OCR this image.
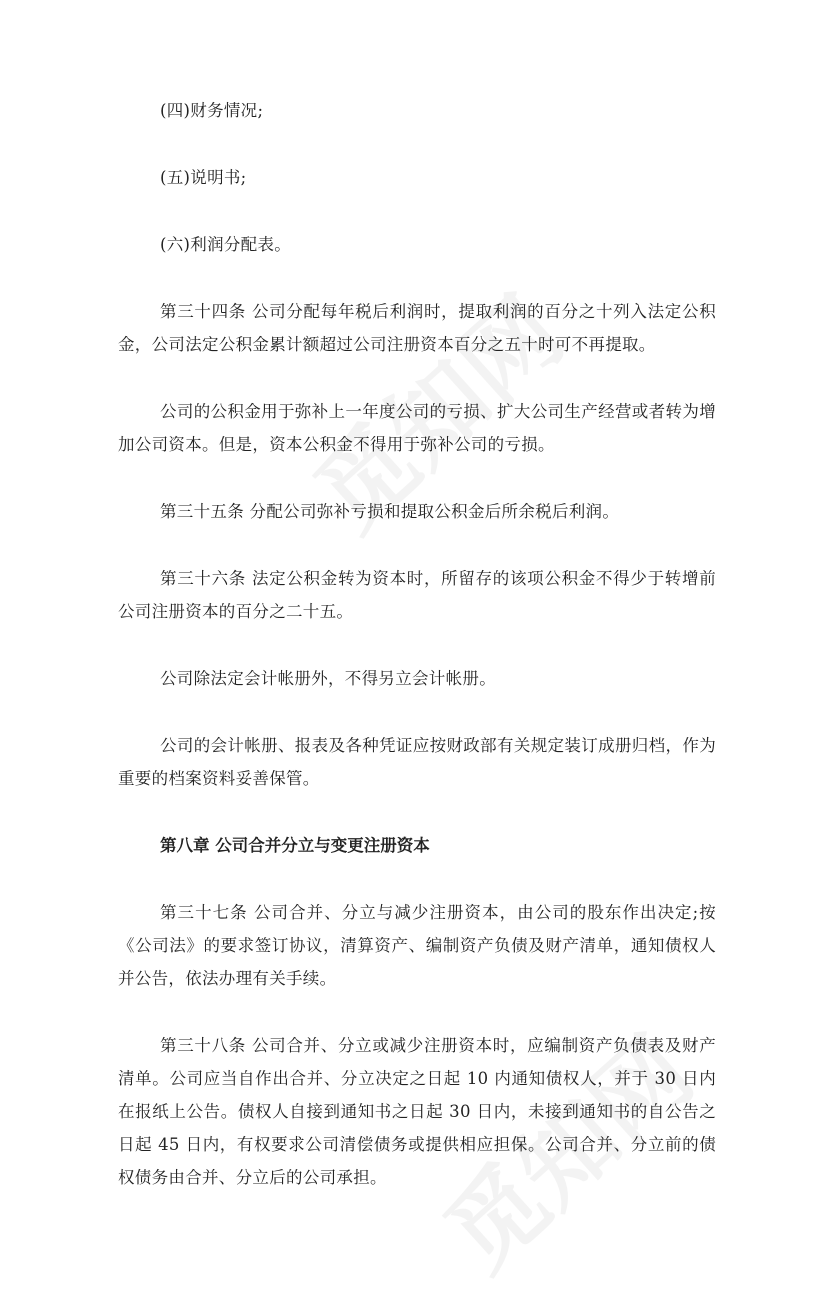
(四)财务情况;

(五)说明书;

(六)利润分配表。

第三十四条 公司分配每年税后利润时，提取利润的百分之十列入法定公积金，公司法定公积金累计额超过公司注册资本百分之五十时可不再提取。

公司的公积金用于弥补上一年度公司的亏损、扩大公司生产经营或者转为增加公司资本。但是，资本公积金不得用于弥补公司的亏损。

第三十五条 分配公司弥补亏损和提取公积金后所余税后利润。

第三十六条 法定公积金转为资本时，所留存的该项公积金不得少于转增前公司注册资本的百分之二十五。

公司除法定会计帐册外，不得另立会计帐册。

公司的会计帐册、报表及各种凭证应按财政部有关规定装订成册归档，作为重要的档案资料妥善保管。

第八章 公司合并分立与变更注册资本

第三十七条 公司合并、分立与减少注册资本，由公司的股东作出决定;按《公司法》的要求签订协议，清算资产、编制资产负债及财产清单，通知债权人并公告，依法办理有关手续。

第三十八条 公司合并、分立或减少注册资本时，应编制资产负债表及财产清单。公司应当自作出合并、分立决定之日起 10 内通知债权人，并于 30 日内在报纸上公告。债权人自接到通知书之日起 30 日内，未接到通知书的自公告之日起 45 日内，有权要求公司清偿债务或提供相应担保。公司合并、分立前的债权债务由合并、分立后的公司承担。
